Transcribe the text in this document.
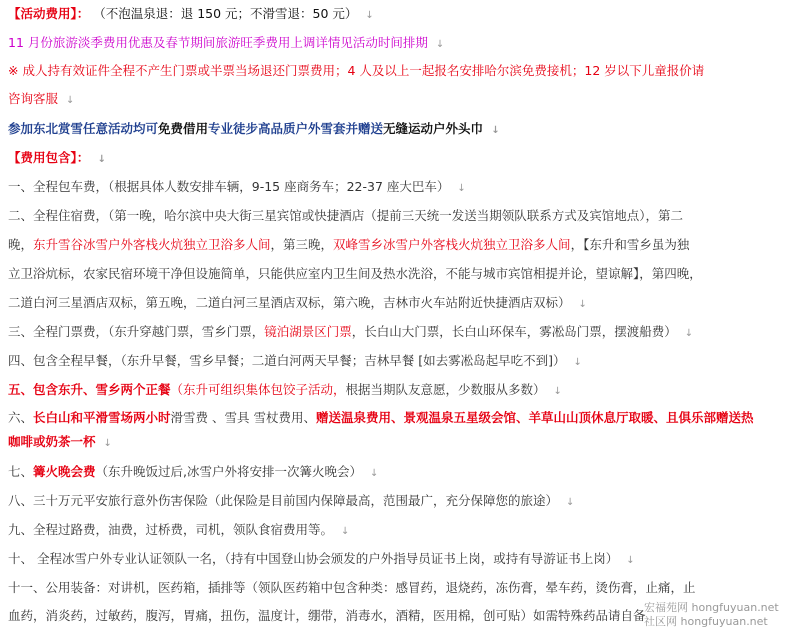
【活动费用】： （不泡温泉退：退 150 元；不滑雪退：50 元） ↓
11 月份旅游淡季费用优惠及春节期间旅游旺季费用上调详情见活动时间排期 ↓
※ 成人持有效证件全程不产生门票或半票当场退还门票费用；4 人及以上一起报名安排哈尔滨免费接机；12 岁以下儿童报价请
咨询客服 ↓
参加东北赏雪任意活动均可免费借用专业徒步高品质户外雪套并赠送无缝运动户外头巾 ↓
【费用包含】： ↓
一、全程包车费，（根据具体人数安排车辆，9-15 座商务车；22-37 座大巴车） ↓
二、全程住宿费，（第一晚，哈尔滨中央大街三星宾馆或快捷酒店（提前三天统一发送当期领队联系方式及宾馆地点），第二
晚，东升雪谷冰雪户外客栈火炕独立卫浴多人间，第三晚，双峰雪乡冰雪户外客栈火炕独立卫浴多人间，【东升和雪乡虽为独
立卫浴炕标，农家民宿环境干净但设施简单，只能供应室内卫生间及热水洗浴，不能与城市宾馆相提并论，望谅解】，第四晚，
二道白河三星酒店双标，第五晚，二道白河三星酒店双标，第六晚，吉林市火车站附近快捷酒店双标） ↓
三、全程门票费，（东升穿越门票，雪乡门票，镜泊湖景区门票，长白山大门票，长白山环保车，雾凇岛门票，摆渡船费） ↓
四、包含全程早餐，（东升早餐，雪乡早餐；二道白河两天早餐；吉林早餐 [如去雾凇岛起早吃不到]） ↓
五、包含东升、雪乡两个正餐（东升可组织集体包饺子活动，根据当期队友意愿，少数服从多数） ↓
六、长白山和平滑雪场两小时滑雪费 、雪具 雪杖费用、赠送温泉费用、景观温泉五星级会馆、羊草山山顶休息厅取暖、且俱乐部赠送热
咖啡或奶茶一杯 ↓
七、篝火晚会费（东升晚饭过后,冰雪户外将安排一次篝火晚会） ↓
八、三十万元平安旅行意外伤害保险（此保险是目前国内保障最高，范围最广，充分保障您的旅途） ↓
九、全程过路费，油费，过桥费，司机，领队食宿费用等。 ↓
十、 全程冰雪户外专业认证领队一名，（持有中国登山协会颁发的户外指导员证书上岗，或持有导游证书上岗） ↓
十一、公用装备：对讲机，医药箱，插排等（领队医药箱中包含种类：感冒药，退烧药，冻伤膏，晕车药，烫伤膏，止痛，止
血药，消炎药，过敏药，腹泻，胃痛，扭伤，温度计，绷带，消毒水，酒精，医用棉，创可贴）如需特殊药品请自备
宏福苑网 hongfuyuan.net
社区网 hongfuyuan.net
